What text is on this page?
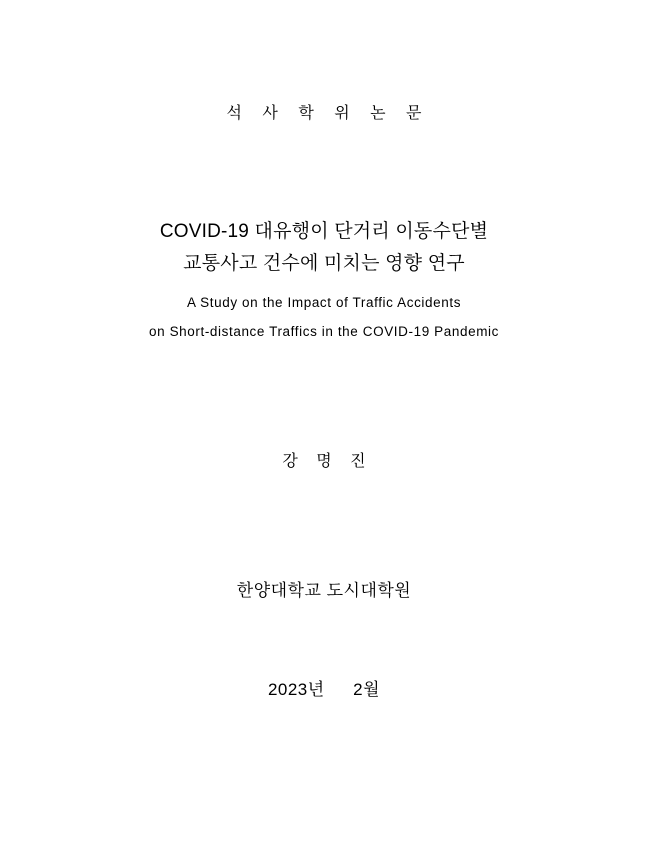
석 사 학 위 논 문
COVID-19 대유행이 단거리 이동수단별
교통사고 건수에 미치는 영향 연구
A Study on the Impact of Traffic Accidents
on Short-distance Traffics in the COVID-19 Pandemic
강 명 진
한양대학교 도시대학원
2023년 2월
